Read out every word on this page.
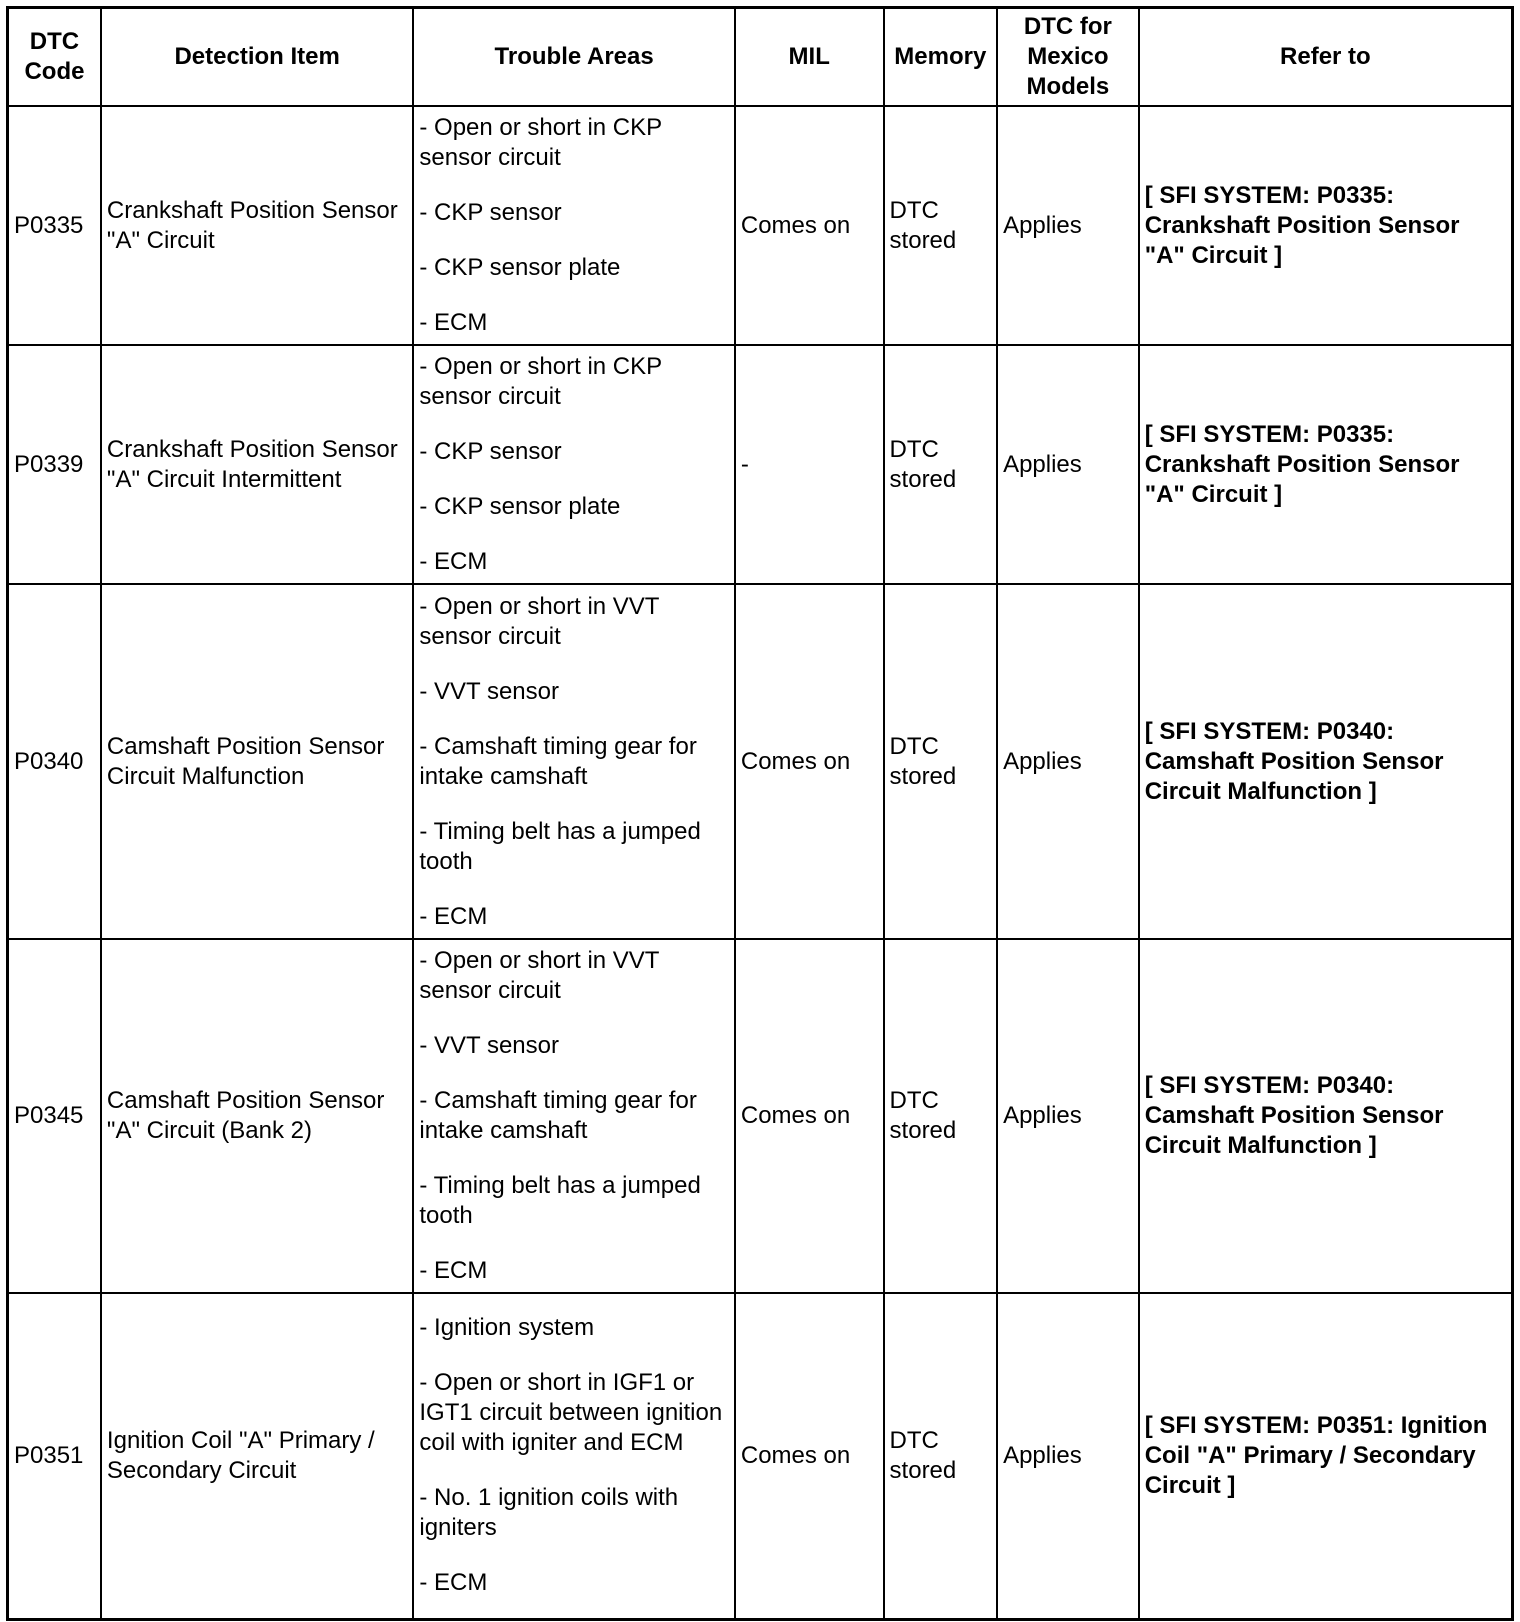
DTC Code	Detection Item	Trouble Areas	MIL	Memory	DTC for Mexico Models	Refer to
P0335	Crankshaft Position Sensor "A" Circuit	- Open or short in CKP sensor circuit
- CKP sensor
- CKP sensor plate
- ECM	Comes on	DTC stored	Applies	[ SFI SYSTEM: P0335: Crankshaft Position Sensor "A" Circuit ]
P0339	Crankshaft Position Sensor "A" Circuit Intermittent	- Open or short in CKP sensor circuit
- CKP sensor
- CKP sensor plate
- ECM	-	DTC stored	Applies	[ SFI SYSTEM: P0335: Crankshaft Position Sensor "A" Circuit ]
P0340	Camshaft Position Sensor Circuit Malfunction	- Open or short in VVT sensor circuit
- VVT sensor
- Camshaft timing gear for intake camshaft
- Timing belt has a jumped tooth
- ECM	Comes on	DTC stored	Applies	[ SFI SYSTEM: P0340: Camshaft Position Sensor Circuit Malfunction ]
P0345	Camshaft Position Sensor "A" Circuit (Bank 2)	- Open or short in VVT sensor circuit
- VVT sensor
- Camshaft timing gear for intake camshaft
- Timing belt has a jumped tooth
- ECM	Comes on	DTC stored	Applies	[ SFI SYSTEM: P0340: Camshaft Position Sensor Circuit Malfunction ]
P0351	Ignition Coil "A" Primary / Secondary Circuit	- Ignition system
- Open or short in IGF1 or IGT1 circuit between ignition coil with igniter and ECM
- No. 1 ignition coils with igniters
- ECM	Comes on	DTC stored	Applies	[ SFI SYSTEM: P0351: Ignition Coil "A" Primary / Secondary Circuit ]
